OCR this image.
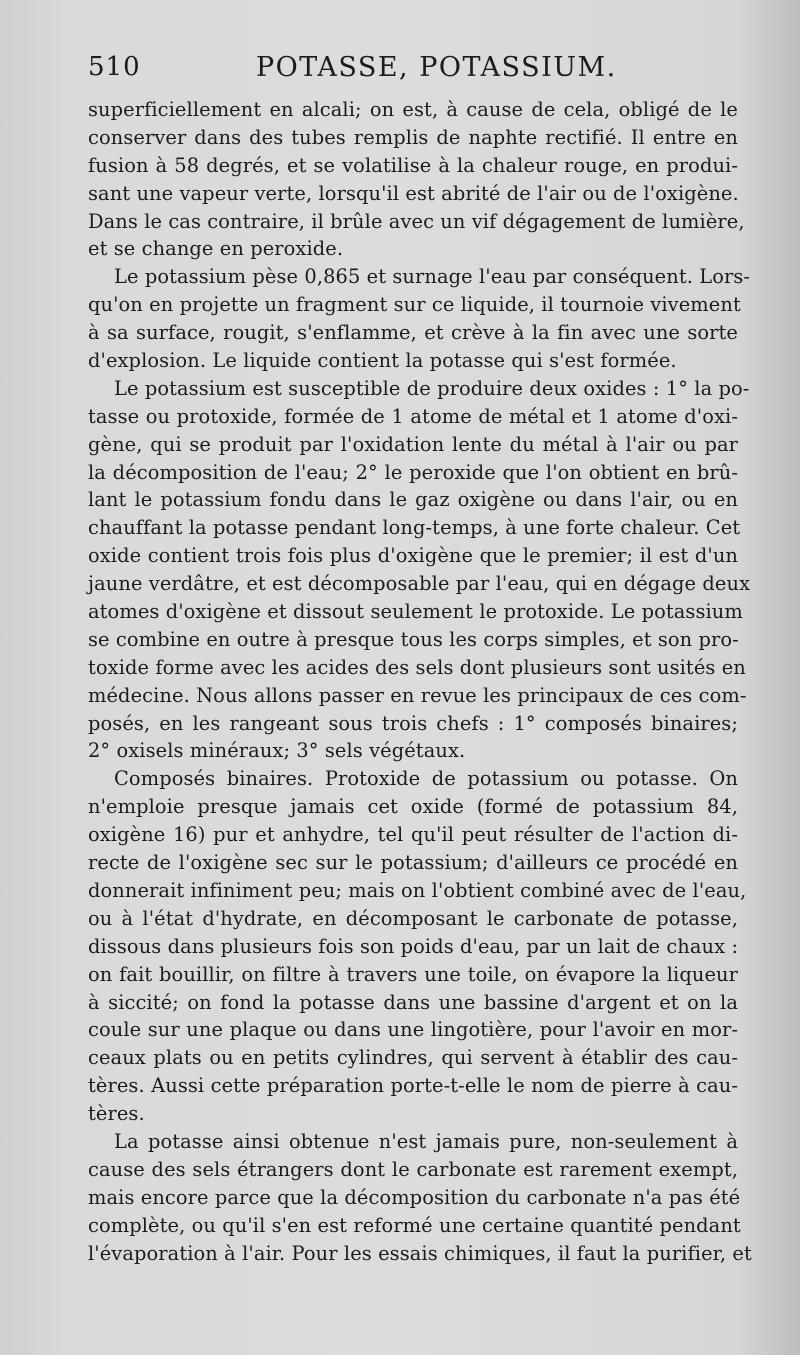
510	POTASSE, POTASSIUM.
superficiellement en alcali; on est, à cause de cela, obligé de le
conserver dans des tubes remplis de naphte rectifié. Il entre en
fusion à 58 degrés, et se volatilise à la chaleur rouge, en produi-
sant une vapeur verte, lorsqu'il est abrité de l'air ou de l'oxigène.
Dans le cas contraire, il brûle avec un vif dégagement de lumière,
et se change en peroxide.
Le potassium pèse 0,865 et surnage l'eau par conséquent. Lors-
qu'on en projette un fragment sur ce liquide, il tournoie vivement
à sa surface, rougit, s'enflamme, et crève à la fin avec une sorte
d'explosion. Le liquide contient la potasse qui s'est formée.
Le potassium est susceptible de produire deux oxides : 1° la po-
tasse ou protoxide, formée de 1 atome de métal et 1 atome d'oxi-
gène, qui se produit par l'oxidation lente du métal à l'air ou par
la décomposition de l'eau; 2° le peroxide que l'on obtient en brû-
lant le potassium fondu dans le gaz oxigène ou dans l'air, ou en
chauffant la potasse pendant long-temps, à une forte chaleur. Cet
oxide contient trois fois plus d'oxigène que le premier; il est d'un
jaune verdâtre, et est décomposable par l'eau, qui en dégage deux
atomes d'oxigène et dissout seulement le protoxide. Le potassium
se combine en outre à presque tous les corps simples, et son pro-
toxide forme avec les acides des sels dont plusieurs sont usités en
médecine. Nous allons passer en revue les principaux de ces com-
posés, en les rangeant sous trois chefs : 1° composés binaires;
2° oxisels minéraux; 3° sels végétaux.
Composés binaires. Protoxide de potassium ou potasse. On
n'emploie presque jamais cet oxide (formé de potassium 84,
oxigène 16) pur et anhydre, tel qu'il peut résulter de l'action di-
recte de l'oxigène sec sur le potassium; d'ailleurs ce procédé en
donnerait infiniment peu; mais on l'obtient combiné avec de l'eau,
ou à l'état d'hydrate, en décomposant le carbonate de potasse,
dissous dans plusieurs fois son poids d'eau, par un lait de chaux :
on fait bouillir, on filtre à travers une toile, on évapore la liqueur
à siccité; on fond la potasse dans une bassine d'argent et on la
coule sur une plaque ou dans une lingotière, pour l'avoir en mor-
ceaux plats ou en petits cylindres, qui servent à établir des cau-
tères. Aussi cette préparation porte-t-elle le nom de pierre à cau-
tères.
La potasse ainsi obtenue n'est jamais pure, non-seulement à
cause des sels étrangers dont le carbonate est rarement exempt,
mais encore parce que la décomposition du carbonate n'a pas été
complète, ou qu'il s'en est reformé une certaine quantité pendant
l'évaporation à l'air. Pour les essais chimiques, il faut la purifier, et
